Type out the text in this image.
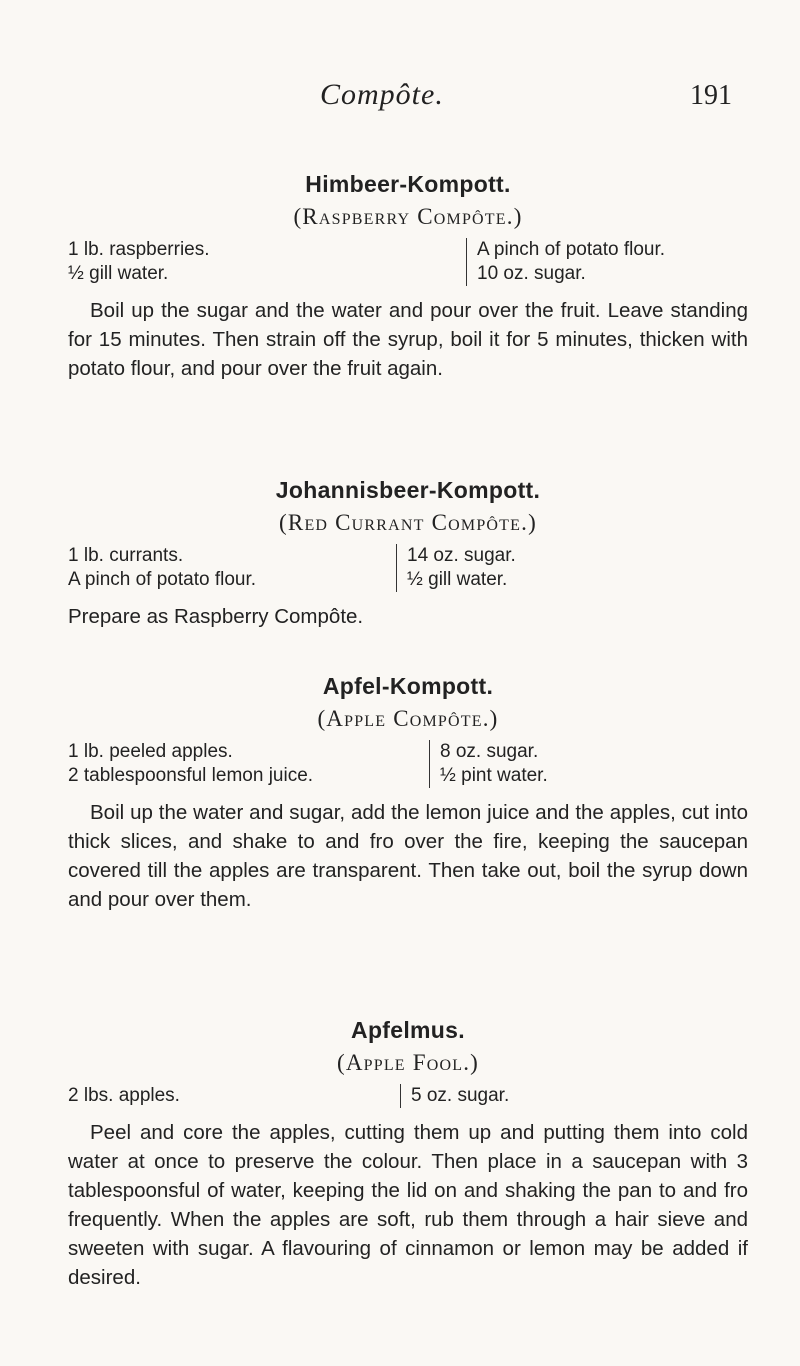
Compôte.	191
Himbeer-Kompott.
(Raspberry Compôte.)
1 lb. raspberries.
½ gill water.
A pinch of potato flour.
10 oz. sugar.

Boil up the sugar and the water and pour over the fruit. Leave standing for 15 minutes. Then strain off the syrup, boil it for 5 minutes, thicken with potato flour, and pour over the fruit again.

Johannisbeer-Kompott.
(Red Currant Compôte.)
1 lb. currants.
A pinch of potato flour.
14 oz. sugar.
½ gill water.

Prepare as Raspberry Compôte.

Apfel-Kompott.
(Apple Compôte.)
1 lb. peeled apples.
2 tablespoonsful lemon juice.
8 oz. sugar.
½ pint water.

Boil up the water and sugar, add the lemon juice and the apples, cut into thick slices, and shake to and fro over the fire, keeping the saucepan covered till the apples are transparent. Then take out, boil the syrup down and pour over them.

Apfelmus.
(Apple Fool.)
2 lbs. apples.	5 oz. sugar.

Peel and core the apples, cutting them up and putting them into cold water at once to preserve the colour. Then place in a saucepan with 3 tablespoonsful of water, keeping the lid on and shaking the pan to and fro frequently. When the apples are soft, rub them through a hair sieve and sweeten with sugar. A flavouring of cinnamon or lemon may be added if desired.
